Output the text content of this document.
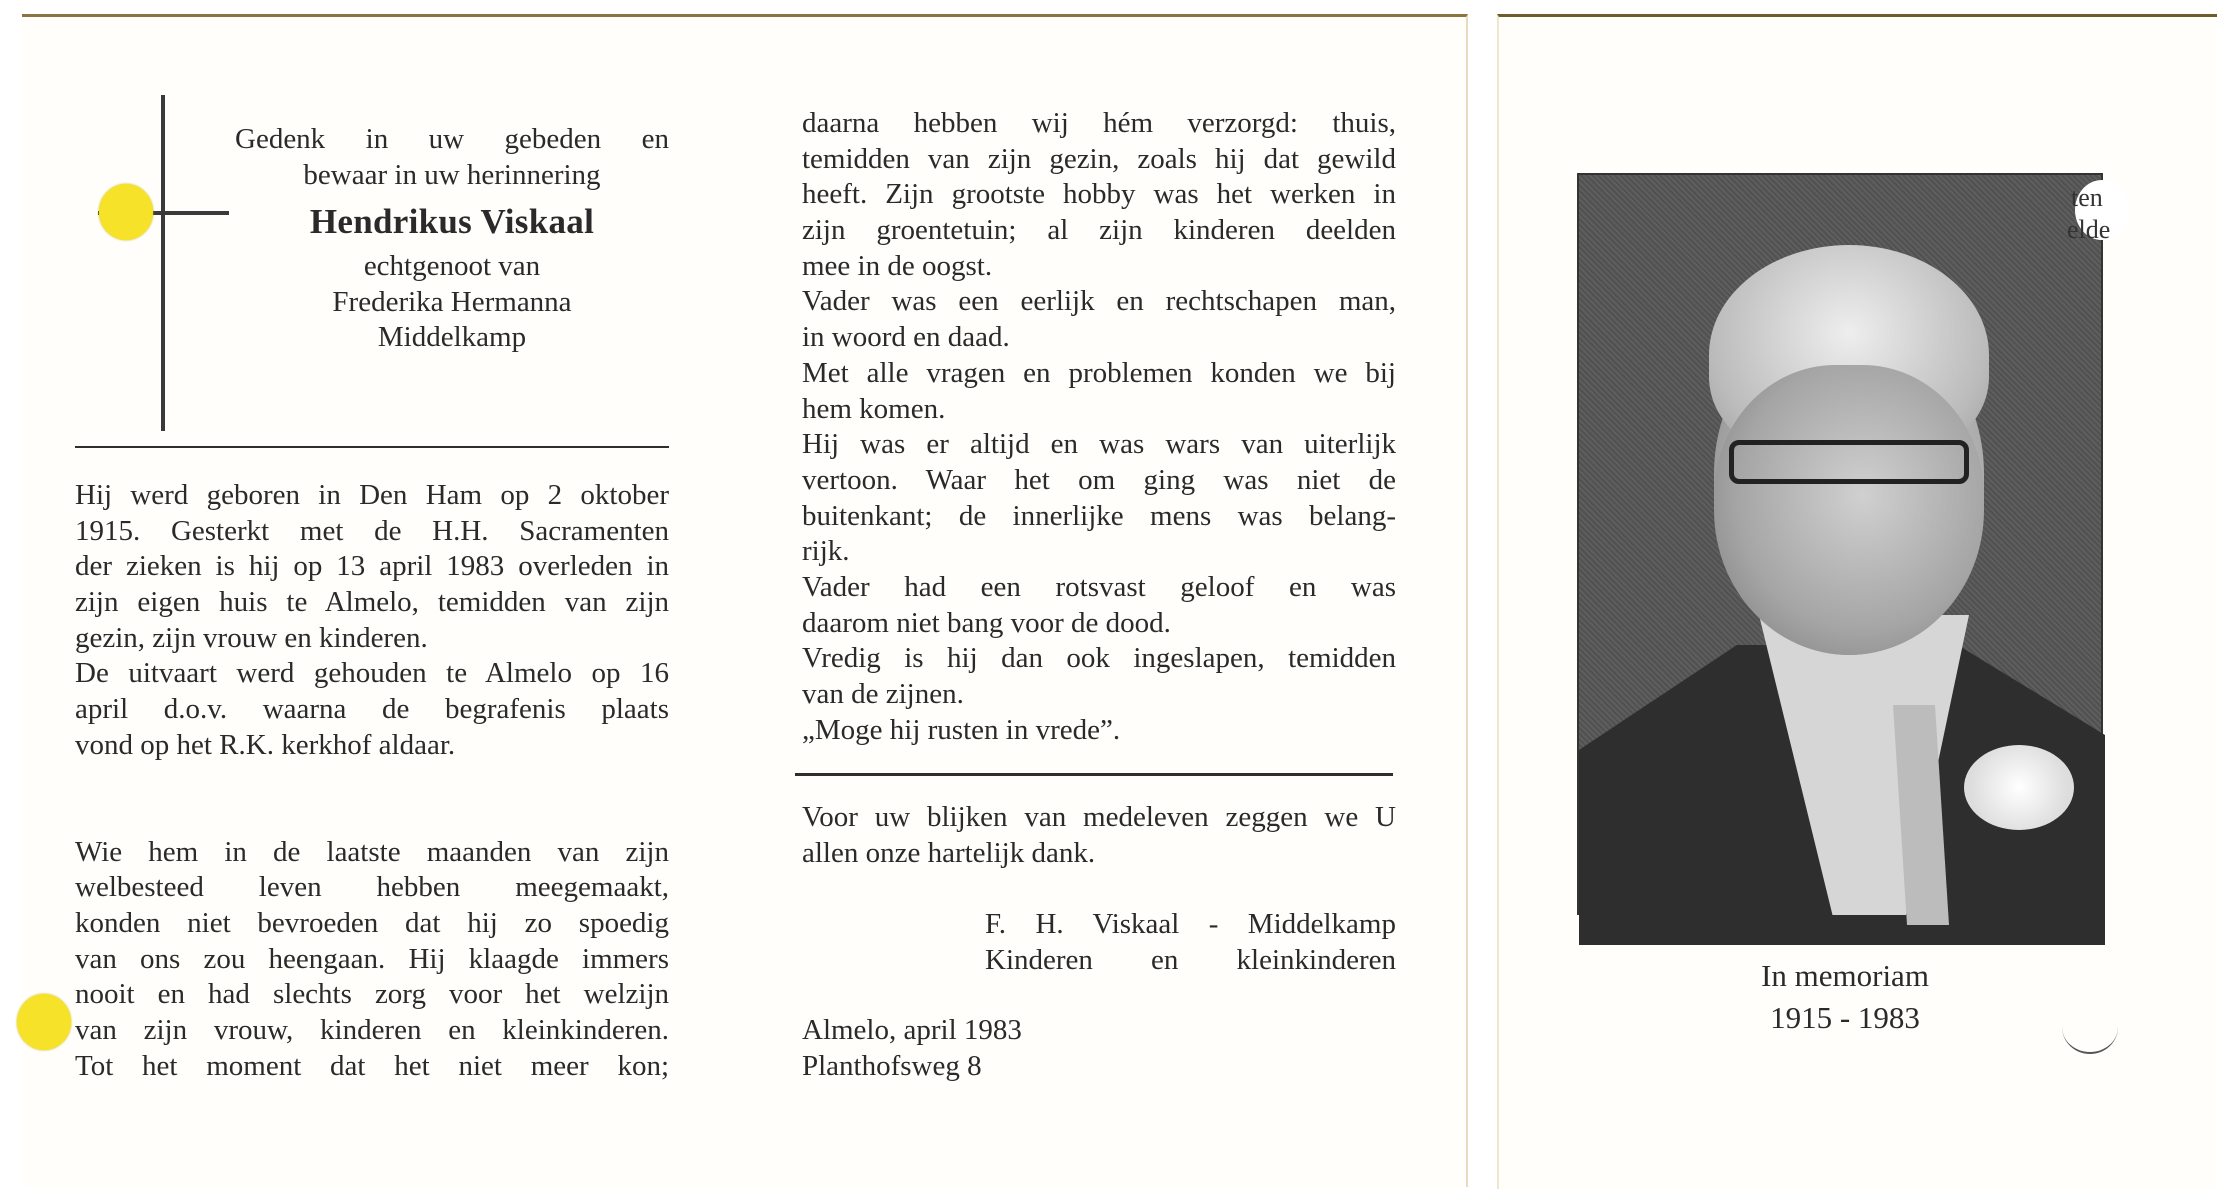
Gedenk in uw gebeden en
bewaar in uw herinnering
Hendrikus Viskaal
echtgenoot van
Frederika Hermanna
Middelkamp
Hij werd geboren in Den Ham op 2 oktober
1915. Gesterkt met de H.H. Sacramenten
der zieken is hij op 13 april 1983 overleden in
zijn eigen huis te Almelo, temidden van zijn
gezin, zijn vrouw en kinderen.
De uitvaart werd gehouden te Almelo op 16
april d.o.v. waarna de begrafenis plaats
vond op het R.K. kerkhof aldaar.
Wie hem in de laatste maanden van zijn
welbesteed leven hebben meegemaakt,
konden niet bevroeden dat hij zo spoedig
van ons zou heengaan. Hij klaagde immers
nooit en had slechts zorg voor het welzijn
van zijn vrouw, kinderen en kleinkinderen.
Tot het moment dat het niet meer kon;
daarna hebben wij hém verzorgd: thuis,
temidden van zijn gezin, zoals hij dat gewild
heeft. Zijn grootste hobby was het werken in
zijn groentetuin; al zijn kinderen deelden
mee in de oogst.
Vader was een eerlijk en rechtschapen man,
in woord en daad.
Met alle vragen en problemen konden we bij
hem komen.
Hij was er altijd en was wars van uiterlijk
vertoon. Waar het om ging was niet de
buitenkant; de innerlijke mens was belang-
rijk.
Vader had een rotsvast geloof en was
daarom niet bang voor de dood.
Vredig is hij dan ook ingeslapen, temidden
van de zijnen.
„Moge hij rusten in vrede”.
Voor uw blijken van medeleven zeggen we U
allen onze hartelijk dank.
F. H. Viskaal - Middelkamp
Kinderen en kleinkinderen
Almelo, april 1983
Planthofsweg 8
ten
elde
In memoriam
1915 - 1983
